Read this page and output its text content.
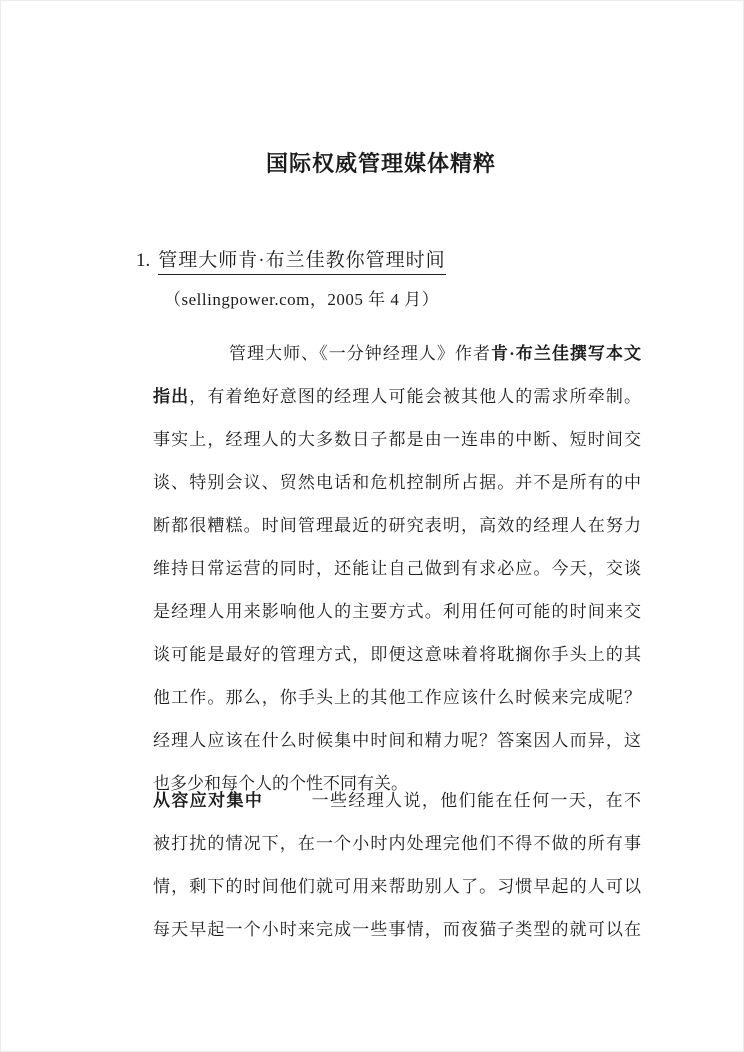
国际权威管理媒体精粹
1. 管理大师肯·布兰佳教你管理时间
（sellingpower.com，2005 年 4 月）
管理大师、《一分钟经理人》作者肯·布兰佳撰写本文
指出，有着绝好意图的经理人可能会被其他人的需求所牵制。
事实上，经理人的大多数日子都是由一连串的中断、短时间交
谈、特别会议、贸然电话和危机控制所占据。并不是所有的中
断都很糟糕。时间管理最近的研究表明，高效的经理人在努力
维持日常运营的同时，还能让自己做到有求必应。今天，交谈
是经理人用来影响他人的主要方式。利用任何可能的时间来交
谈可能是最好的管理方式，即便这意味着将耽搁你手头上的其
他工作。那么，你手头上的其他工作应该什么时候来完成呢？
经理人应该在什么时候集中时间和精力呢？答案因人而异，这
也多少和每个人的个性不同有关。
从容应对集中	一些经理人说，他们能在任何一天，在不
被打扰的情况下，在一个小时内处理完他们不得不做的所有事
情，剩下的时间他们就可用来帮助别人了。习惯早起的人可以
每天早起一个小时来完成一些事情，而夜猫子类型的就可以在
